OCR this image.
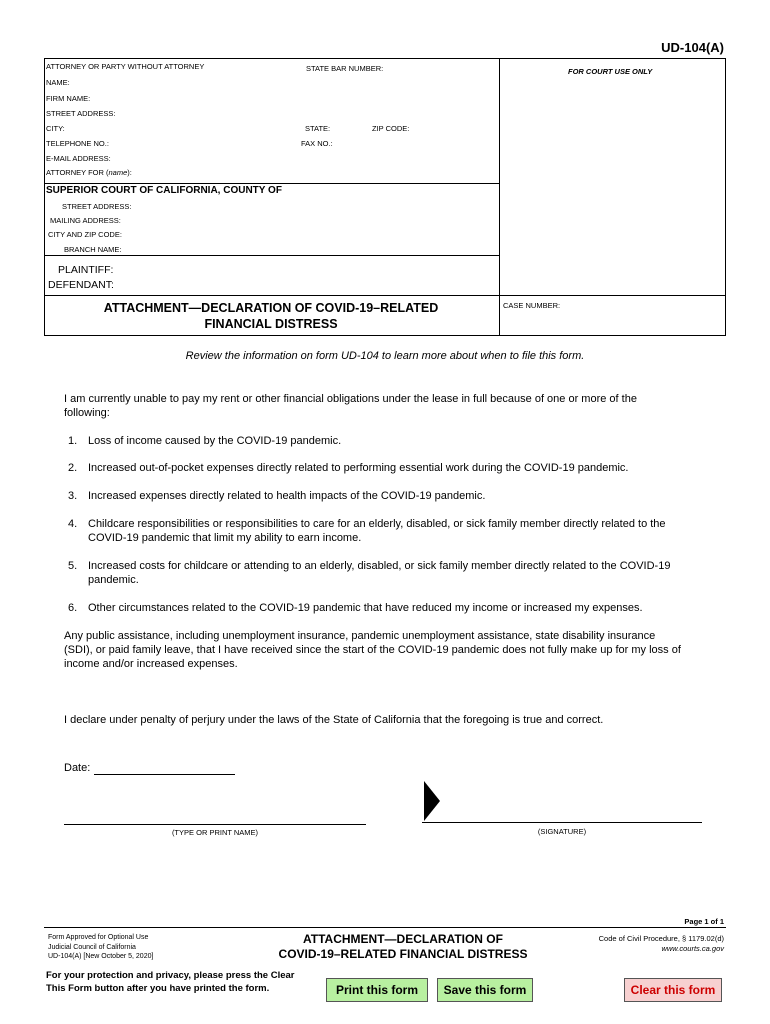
UD-104(A)
ATTORNEY OR PARTY WITHOUT ATTORNEY	STATE BAR NUMBER:	FOR COURT USE ONLY
NAME:
FIRM NAME:
STREET ADDRESS:
CITY:	STATE:	ZIP CODE:
TELEPHONE NO.:	FAX NO.:
E-MAIL ADDRESS:
ATTORNEY FOR (name):
SUPERIOR COURT OF CALIFORNIA, COUNTY OF
STREET ADDRESS:
MAILING ADDRESS:
CITY AND ZIP CODE:
BRANCH NAME:
PLAINTIFF:
DEFENDANT:
ATTACHMENT—DECLARATION OF COVID-19–RELATED
FINANCIAL DISTRESS
CASE NUMBER:
Review the information on form UD-104 to learn more about when to file this form.
I am currently unable to pay my rent or other financial obligations under the lease in full because of one or more of the following:
1. Loss of income caused by the COVID-19 pandemic.
2. Increased out-of-pocket expenses directly related to performing essential work during the COVID-19 pandemic.
3. Increased expenses directly related to health impacts of the COVID-19 pandemic.
4. Childcare responsibilities or responsibilities to care for an elderly, disabled, or sick family member directly related to the COVID-19 pandemic that limit my ability to earn income.
5. Increased costs for childcare or attending to an elderly, disabled, or sick family member directly related to the COVID-19 pandemic.
6. Other circumstances related to the COVID-19 pandemic that have reduced my income or increased my expenses.
Any public assistance, including unemployment insurance, pandemic unemployment assistance, state disability insurance (SDI), or paid family leave, that I have received since the start of the COVID-19 pandemic does not fully make up for my loss of income and/or increased expenses.
I declare under penalty of perjury under the laws of the State of California that the foregoing is true and correct.
Date:
(TYPE OR PRINT NAME)	(SIGNATURE)
Page 1 of 1
Form Approved for Optional Use
Judicial Council of California
UD-104(A) [New October 5, 2020]
ATTACHMENT—DECLARATION OF
COVID-19–RELATED FINANCIAL DISTRESS
Code of Civil Procedure, § 1179.02(d)
www.courts.ca.gov
For your protection and privacy, please press the Clear
This Form button after you have printed the form.	Print this form	Save this form	Clear this form
